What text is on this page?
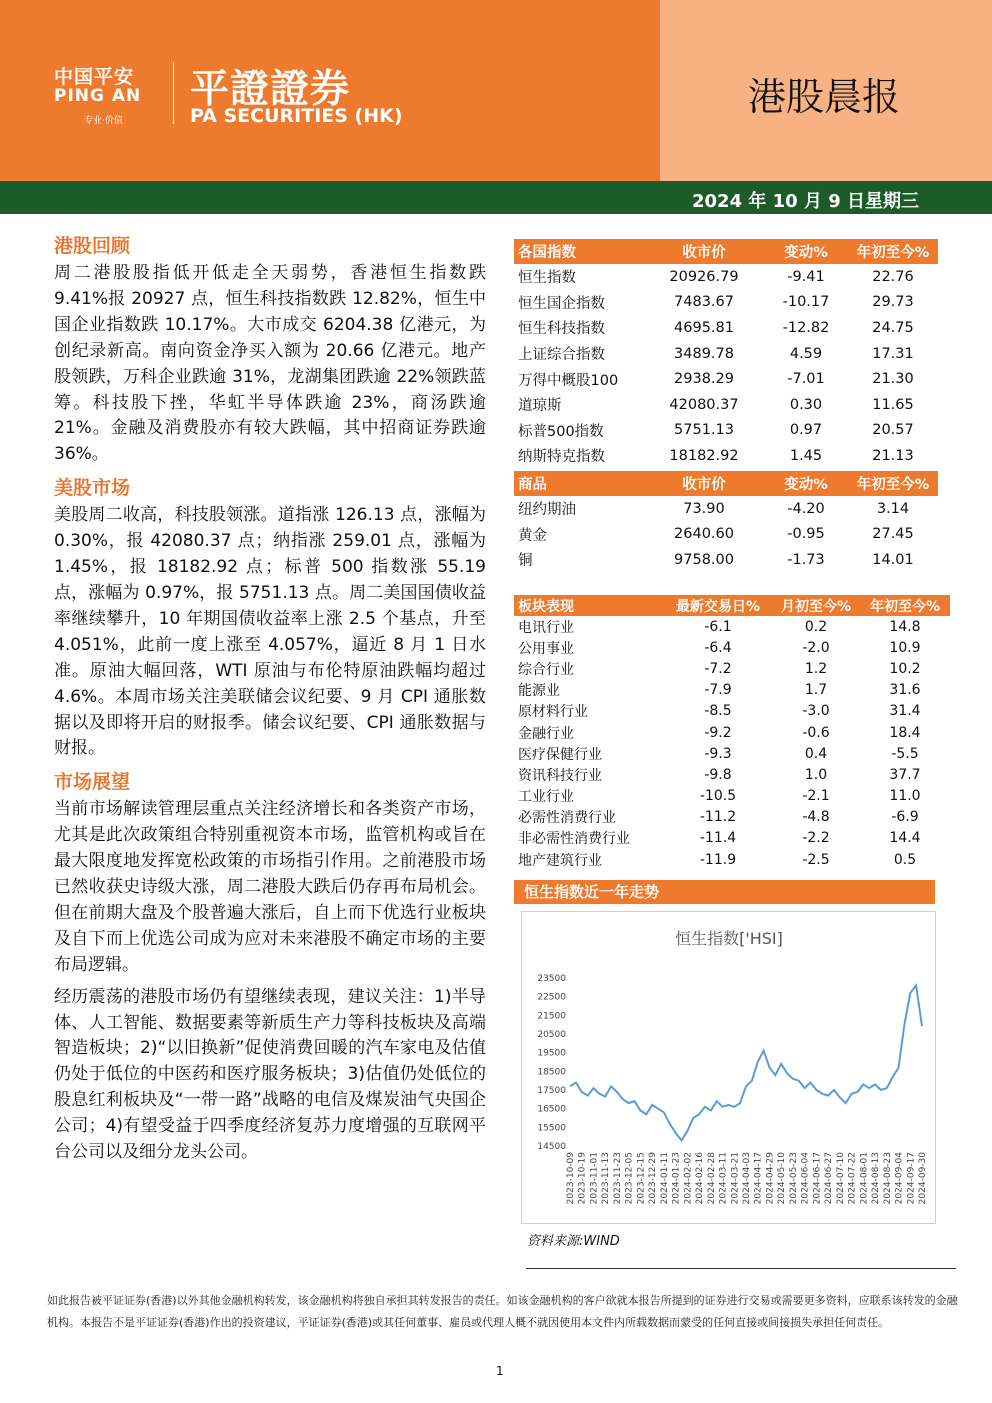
中国平安
PING AN
专业·价值
平證證券
PA SECURITIES (HK)	港股晨报
2024 年 10 月 9 日星期三
港股回顾
周二港股股指低开低走全天弱势，香港恒生指数跌 9.41%报 20927 点，恒生科技指数跌 12.82%，恒生中国企业指数跌 10.17%。大市成交 6204.38 亿港元，为创纪录新高。南向资金净买入额为 20.66 亿港元。地产股领跌，万科企业跌逾 31%，龙湖集团跌逾 22%领跌蓝筹。科技股下挫，华虹半导体跌逾 23%，商汤跌逾 21%。金融及消费股亦有较大跌幅，其中招商证券跌逾 36%。
美股市场
美股周二收高，科技股领涨。道指涨 126.13 点，涨幅为 0.30%，报 42080.37 点；纳指涨 259.01 点，涨幅为 1.45%，报 18182.92 点；标普 500 指数涨 55.19 点，涨幅为 0.97%，报 5751.13 点。周二美国国债收益率继续攀升，10 年期国债收益率上涨 2.5 个基点，升至 4.051%，此前一度上涨至 4.057%，逼近 8 月 1 日水准。原油大幅回落，WTI 原油与布伦特原油跌幅均超过 4.6%。本周市场关注美联储会议纪要、9 月 CPI 通胀数据以及即将开启的财报季。储会议纪要、CPI 通胀数据与财报。
市场展望
当前市场解读管理层重点关注经济增长和各类资产市场，尤其是此次政策组合特别重视资本市场，监管机构或旨在最大限度地发挥宽松政策的市场指引作用。之前港股市场已然收获史诗级大涨，周二港股大跌后仍存再布局机会。但在前期大盘及个股普遍大涨后，自上而下优选行业板块及自下而上优选公司成为应对未来港股不确定市场的主要布局逻辑。
经历震荡的港股市场仍有望继续表现，建议关注：1)半导体、人工智能、数据要素等新质生产力等科技板块及高端智造板块；2)“以旧换新”促使消费回暖的汽车家电及估值仍处于低位的中医药和医疗服务板块；3)估值仍处低位的股息红利板块及“一带一路”战略的电信及煤炭油气央国企公司；4)有望受益于四季度经济复苏力度增强的互联网平台公司以及细分龙头公司。
各国指数	收市价	变动%	年初至今%
恒生指数	20926.79	-9.41	22.76
恒生国企指数	7483.67	-10.17	29.73
恒生科技指数	4695.81	-12.82	24.75
上证综合指数	3489.78	4.59	17.31
万得中概股100	2938.29	-7.01	21.30
道琼斯	42080.37	0.30	11.65
标普500指数	5751.13	0.97	20.57
纳斯特克指数	18182.92	1.45	21.13
商品	收市价	变动%	年初至今%
纽约期油	73.90	-4.20	3.14
黄金	2640.60	-0.95	27.45
铜	9758.00	-1.73	14.01
板块表现	最新交易日%	月初至今%	年初至今%
电讯行业	-6.1	0.2	14.8
公用事业	-6.4	-2.0	10.9
综合行业	-7.2	1.2	10.2
能源业	-7.9	1.7	31.6
原材料行业	-8.5	-3.0	31.4
金融行业	-9.2	-0.6	18.4
医疗保健行业	-9.3	0.4	-5.5
资讯科技行业	-9.8	1.0	37.7
工业行业	-10.5	-2.1	11.0
必需性消费行业	-11.2	-4.8	-6.9
非必需性消费行业	-11.4	-2.2	14.4
地产建筑行业	-11.9	-2.5	0.5
恒生指数近一年走势
恒生指数['HSI]
14500
15500
16500
17500
18500
19500
20500
21500
22500
23500
2023-10-09 2023-10-19 2023-11-01 2023-11-13 2023-11-23 2023-12-05 2023-12-15 2023-12-29 2024-01-11 2024-01-23 2024-02-02 2024-02-16 2024-02-28 2024-03-11 2024-03-21 2024-04-03 2024-04-17 2024-04-29 2024-05-10 2024-05-23 2024-06-04 2024-06-17 2024-06-27 2024-07-10 2024-07-22 2024-08-01 2024-08-13 2024-08-23 2024-09-04 2024-09-17 2024-09-30
资料来源:WIND
如此报告被平证证券(香港)以外其他金融机构转发，该金融机构将独自承担其转发报告的责任。如该金融机构的客户欲就本报告所提到的证券进行交易或需要更多资料，应联系该转发的金融机构。本报告不是平证证券(香港)作出的投资建议，平证证券(香港)或其任何董事、雇员或代理人概不就因使用本文件内所载数据而蒙受的任何直接或间接损失承担任何责任。
1
